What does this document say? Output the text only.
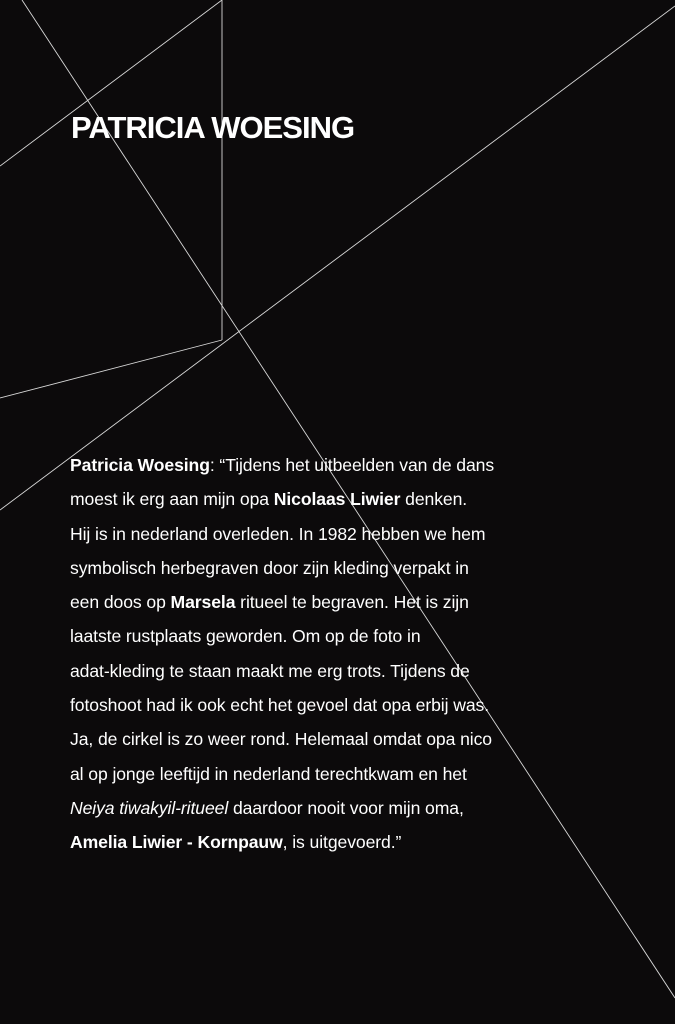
PATRICIA WOESING

Patricia Woesing: “Tijdens het uitbeelden van de dans
moest ik erg aan mijn opa Nicolaas Liwier denken.
Hij is in nederland overleden. In 1982 hebben we hem
symbolisch herbegraven door zijn kleding verpakt in
een doos op Marsela ritueel te begraven. Het is zijn
laatste rustplaats geworden. Om op de foto in
adat-kleding te staan maakt me erg trots. Tijdens de
fotoshoot had ik ook echt het gevoel dat opa erbij was.
Ja, de cirkel is zo weer rond. Helemaal omdat opa nico
al op jonge leeftijd in nederland terechtkwam en het
Neiya tiwakyil-ritueel daardoor nooit voor mijn oma,
Amelia Liwier - Kornpauw, is uitgevoerd.”
